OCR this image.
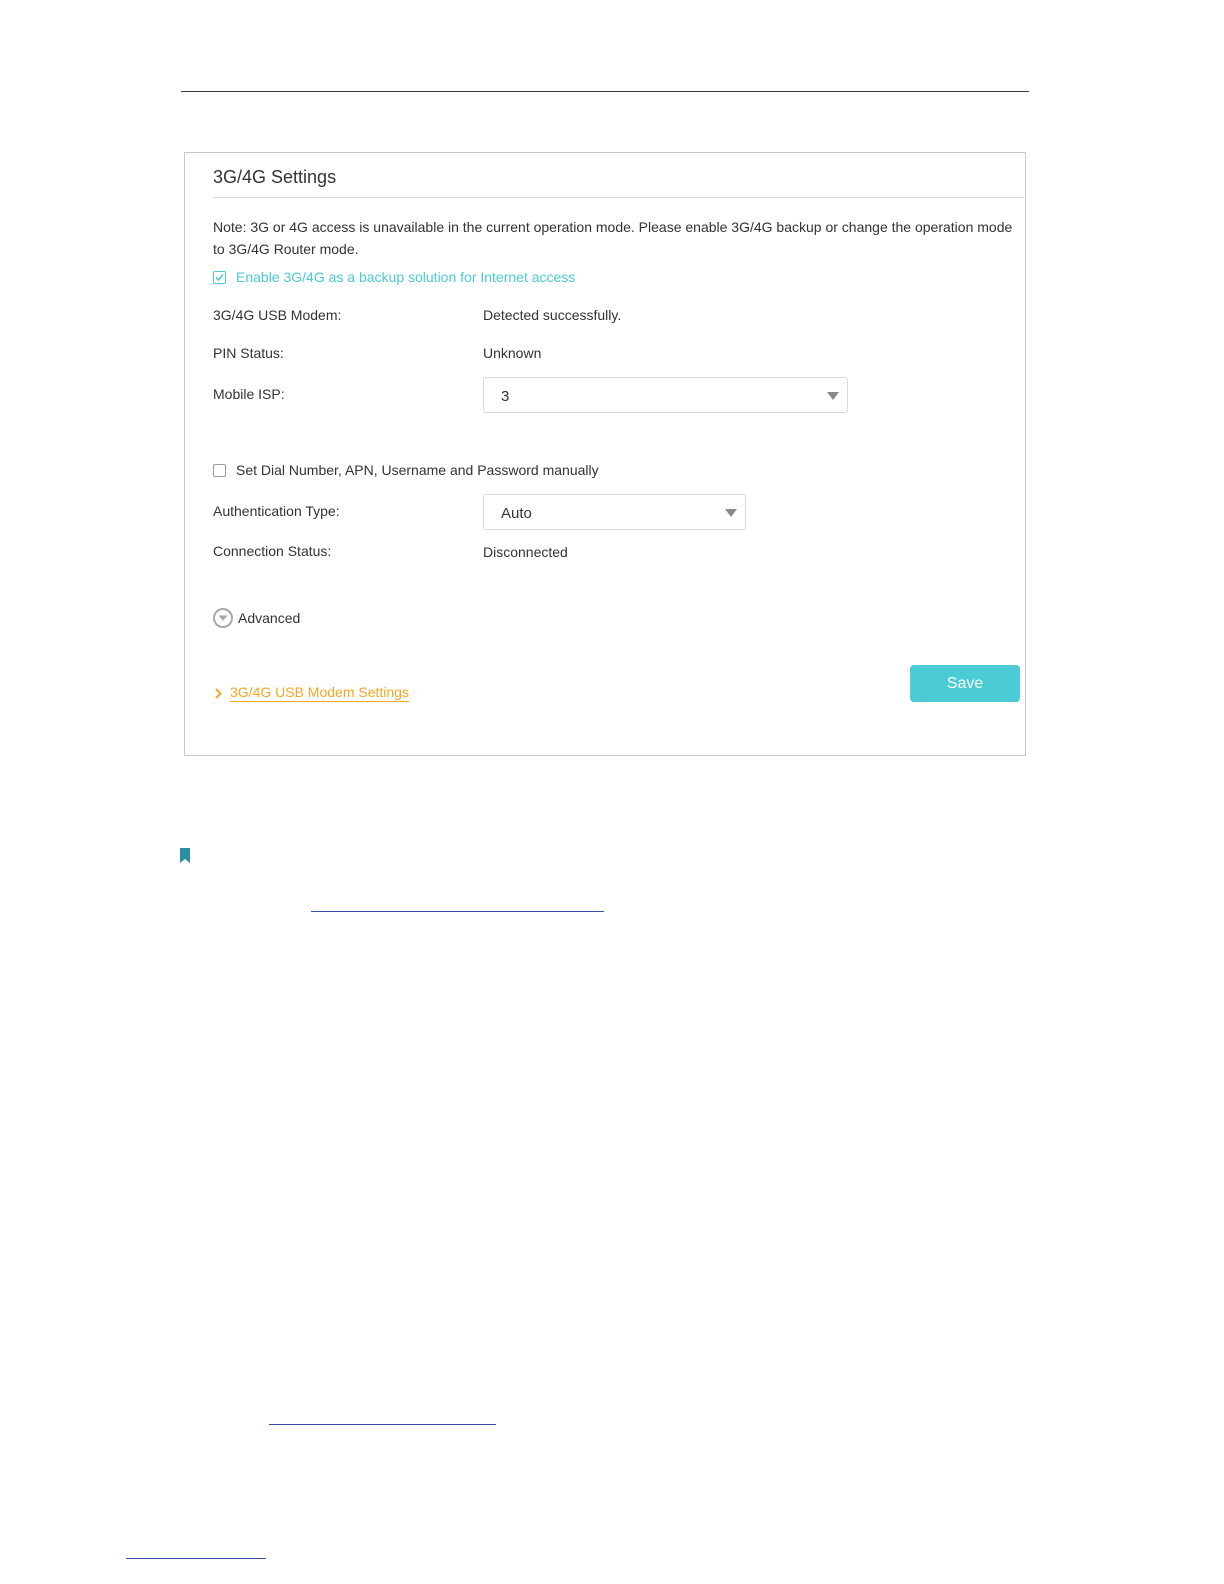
3G/4G Settings
Note: 3G or 4G access is unavailable in the current operation mode. Please enable 3G/4G backup or change the operation mode to 3G/4G Router mode.
Enable 3G/4G as a backup solution for Internet access
3G/4G USB Modem:	Detected successfully.
PIN Status:	Unknown
Mobile ISP:	3
Set Dial Number, APN, Username and Password manually
Authentication Type:	Auto
Connection Status:	Disconnected
Advanced
3G/4G USB Modem Settings	Save
